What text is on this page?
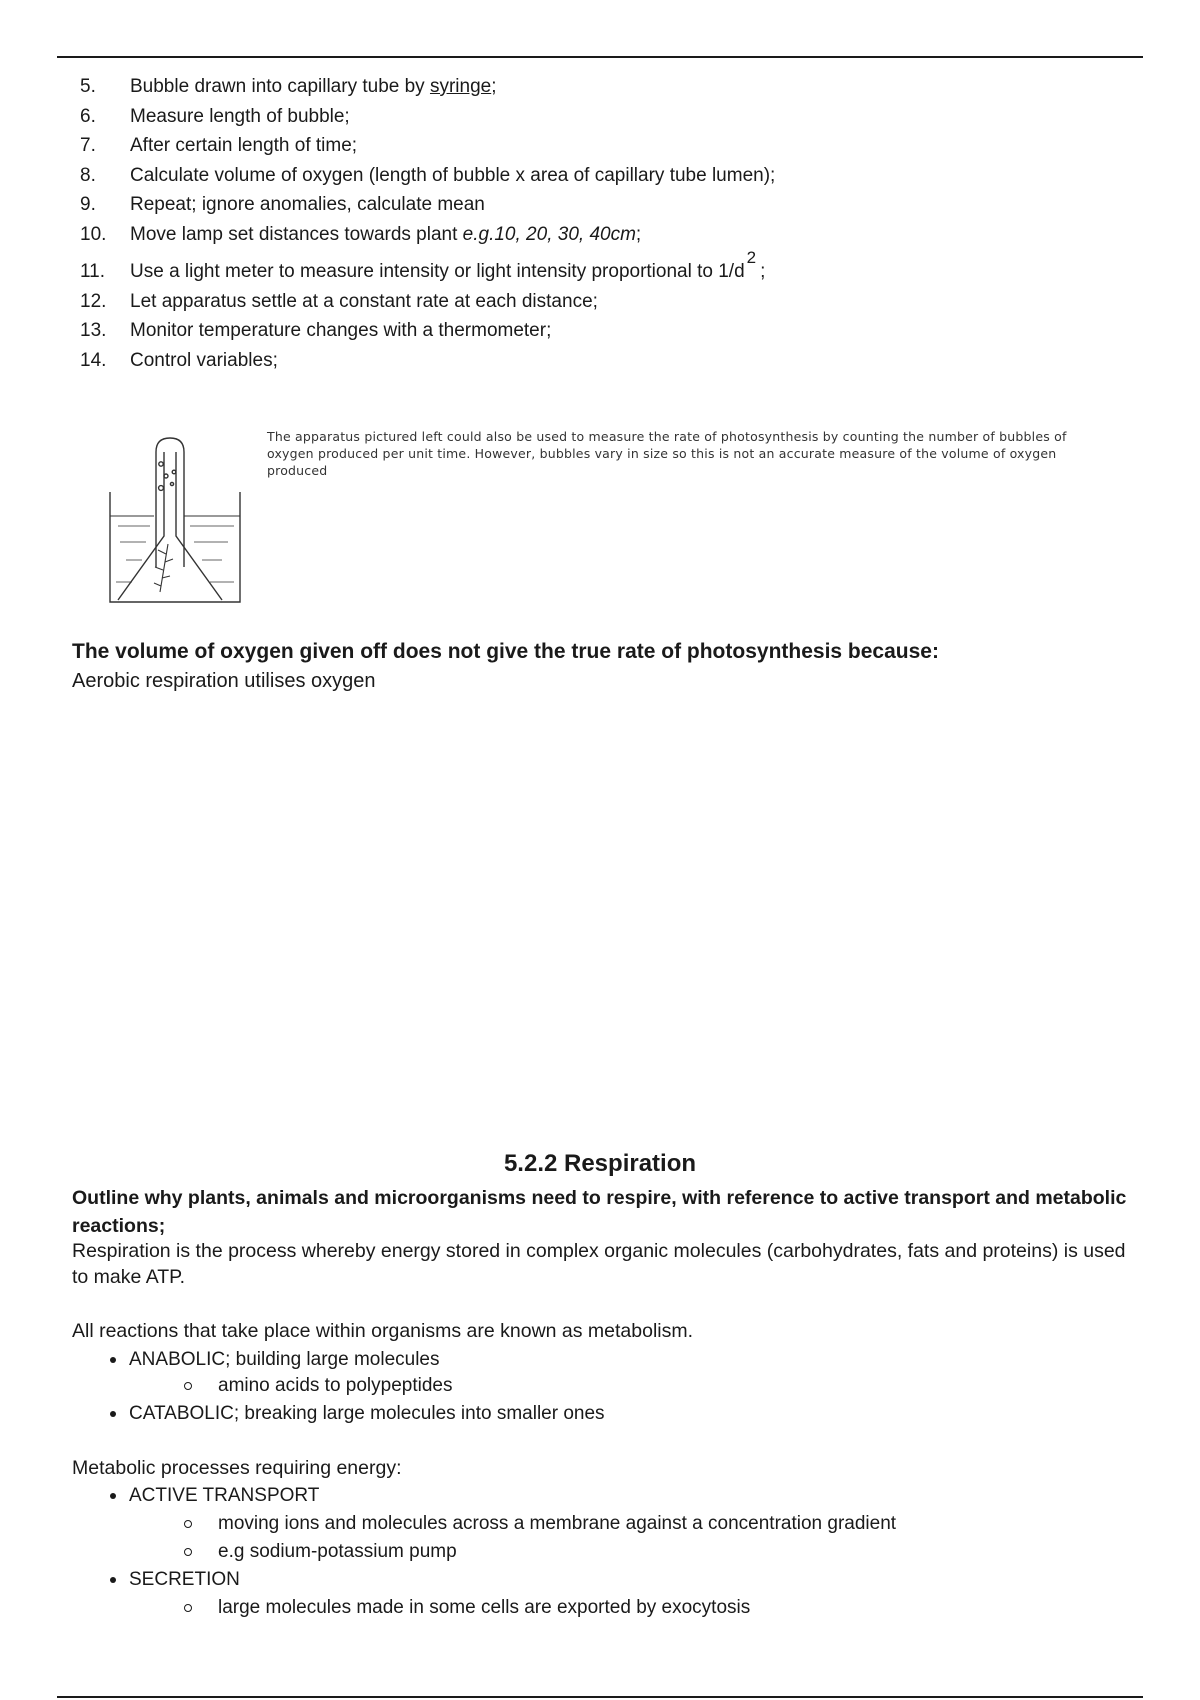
5.	Bubble drawn into capillary tube by syringe;
6.	Measure length of bubble;
7.	After certain length of time;
8.	Calculate volume of oxygen (length of bubble x area of capillary tube lumen);
9.	Repeat; ignore anomalies, calculate mean
10.	Move lamp set distances towards plant e.g.10, 20, 30, 40cm;
11.	Use a light meter to measure intensity or light intensity proportional to 1/d2;
12.	Let apparatus settle at a constant rate at each distance;
13.	Monitor temperature changes with a thermometer;
14.	Control variables;
The apparatus pictured left could also be used to measure the rate of photosynthesis by counting the number of bubbles of oxygen produced per unit time. However, bubbles vary in size so this is not an accurate measure of the volume of oxygen produced
The volume of oxygen given off does not give the true rate of photosynthesis because:
Aerobic respiration utilises oxygen
5.2.2 Respiration
Outline why plants, animals and microorganisms need to respire, with reference to active transport and metabolic reactions;
Respiration is the process whereby energy stored in complex organic molecules (carbohydrates, fats and proteins) is used to make ATP.
All reactions that take place within organisms are known as metabolism.
ANABOLIC; building large molecules
amino acids to polypeptides
CATABOLIC; breaking large molecules into smaller ones
Metabolic processes requiring energy:
ACTIVE TRANSPORT
moving ions and molecules across a membrane against a concentration gradient
e.g sodium-potassium pump
SECRETION
large molecules made in some cells are exported by exocytosis
